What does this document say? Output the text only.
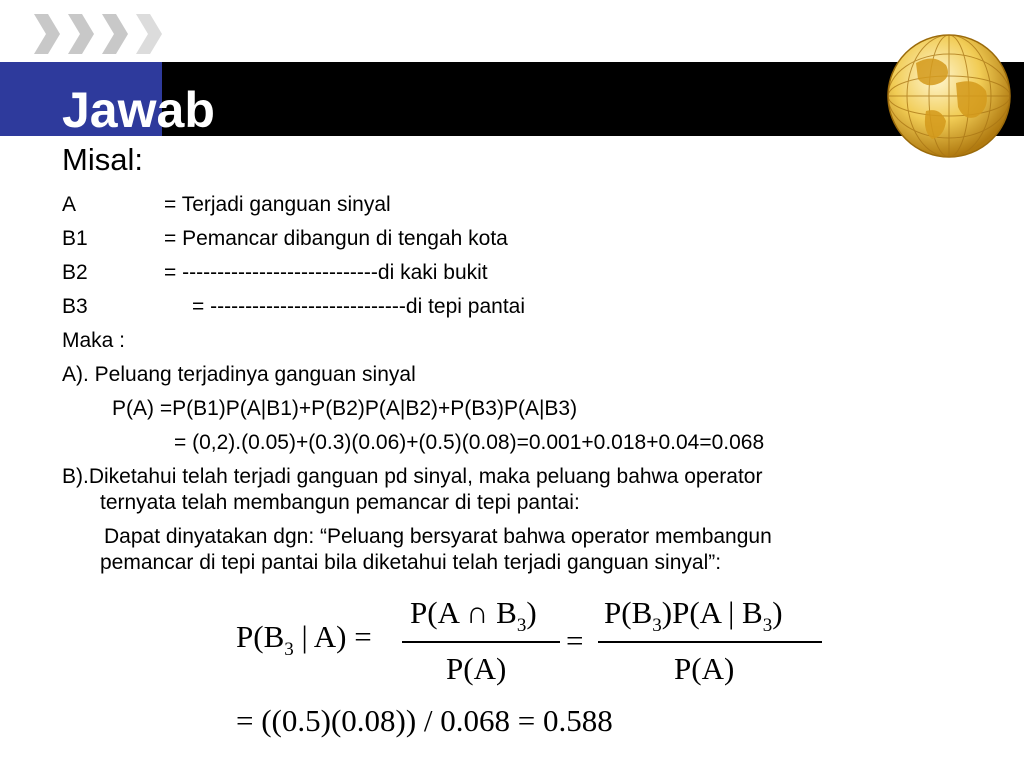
Jawab
Misal:
A	= Terjadi ganguan sinyal
B1	= Pemancar dibangun di tengah kota
B2	= ----------------------------di kaki bukit
B3	= ----------------------------di tepi pantai
Maka :
A). Peluang terjadinya ganguan sinyal
P(A) =P(B1)P(A|B1)+P(B2)P(A|B2)+P(B3)P(A|B3)
= (0,2).(0.05)+(0.3)(0.06)+(0.5)(0.08)=0.001+0.018+0.04=0.068
B).Diketahui telah terjadi ganguan pd sinyal, maka peluang bahwa operator
ternyata telah membangun pemancar di tepi pantai:
Dapat dinyatakan dgn: “Peluang bersyarat bahwa operator membangun
pemancar di tepi pantai bila diketahui telah terjadi ganguan sinyal”:
$P(B_3$ | A) =
P(A ∩ $B_3$)
P(A)
=
$P(B_3)P(A$ | $B_3$)
P(A)
= ((0.5)(0.08)) / 0.068 = 0.588
